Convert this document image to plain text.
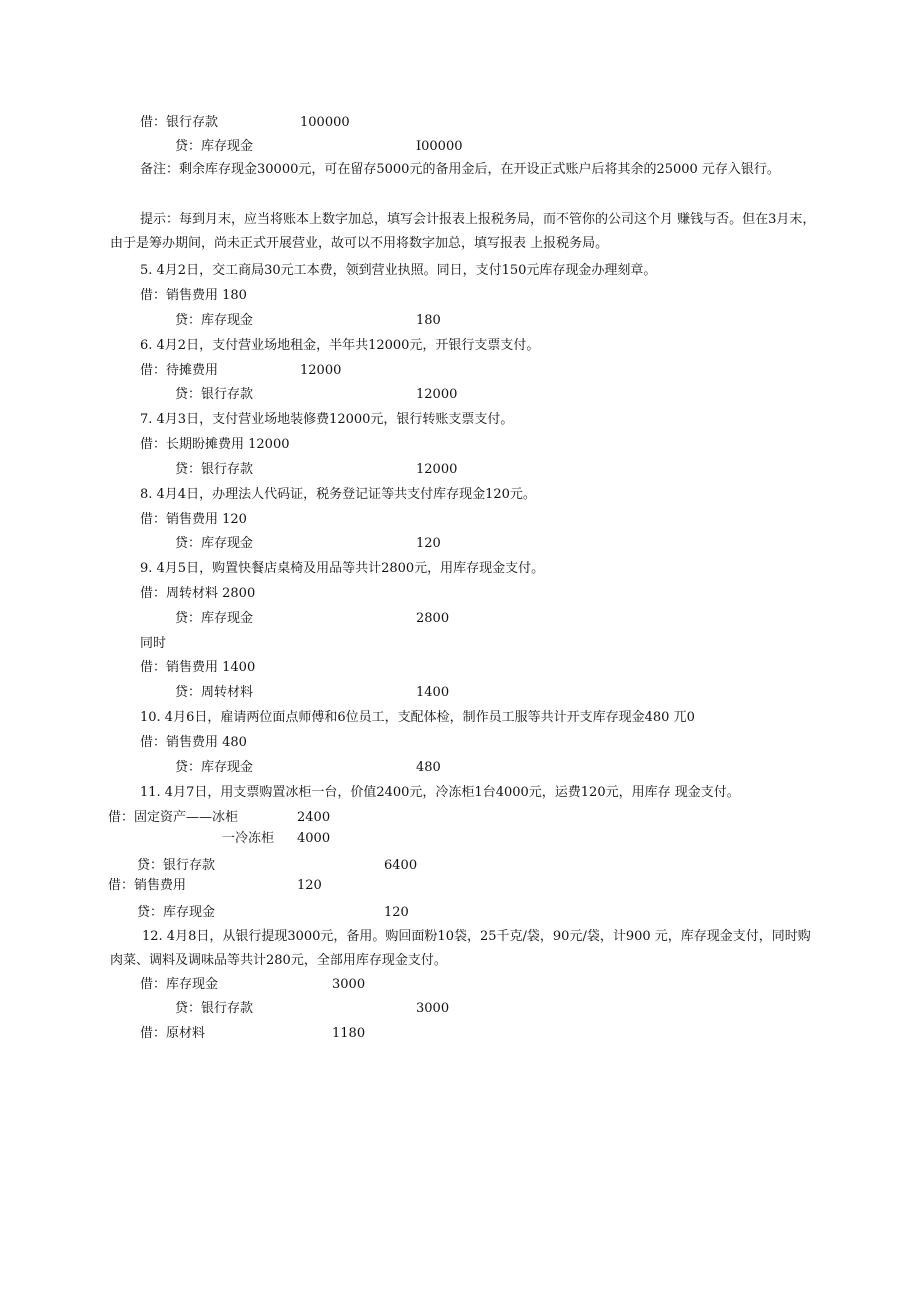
借：银行存款	100000
贷：库存现金	I00000
备注：剩余库存现金30000元，可在留存5000元的备用金后，在开设正式账户后将其余的25000 元存入银行。
提示：每到月末，应当将账本上数字加总，填写会计报表上报税务局，而不管你的公司这个月 赚钱与否。但在3月末，由于是筹办期间，尚未正式开展营业，故可以不用将数字加总，填写报表 上报税务局。
5. 4月2日，交工商局30元工本费，领到营业执照。同日，支付150元库存现金办理刻章。
借：销售费用 180
贷：库存现金	180
6. 4月2日，支付营业场地租金，半年共12000元，开银行支票支付。
借：待摊费用	12000
贷：银行存款	12000
7. 4月3日，支付营业场地装修费12000元，银行转账支票支付。
借：长期盼摊费用 12000
贷：银行存款	12000
8. 4月4日，办理法人代码证，税务登记证等共支付库存现金120元。
借：销售费用 120
贷：库存现金	120
9. 4月5日，购置快餐店桌椅及用品等共计2800元，用库存现金支付。
借：周转材料 2800
贷：库存现金	2800
同时
借：销售费用 1400
贷：周转材料	1400
10. 4月6日，雇请两位面点师傅和6位员工，支配体检，制作员工服等共计开支库存现金480 兀0
借：销售费用 480
贷：库存现金	480
11. 4月7日，用支票购置冰柜一台，价值2400元，冷冻柜1台4000元，运费120元，用库存 现金支付。
借：固定资产——冰柜	2400
一冷冻柜 4000
贷：银行存款	6400
借：销售费用	120
贷：库存现金	120
12. 4月8日，从银行提现3000元，备用。购回面粉10袋，25千克/袋，90元/袋，计900 元，库存现金支付，同时购肉菜、调料及调味品等共计280元，全部用库存现金支付。
借：库存现金	3000
贷：银行存款	3000
借：原材料	1180
